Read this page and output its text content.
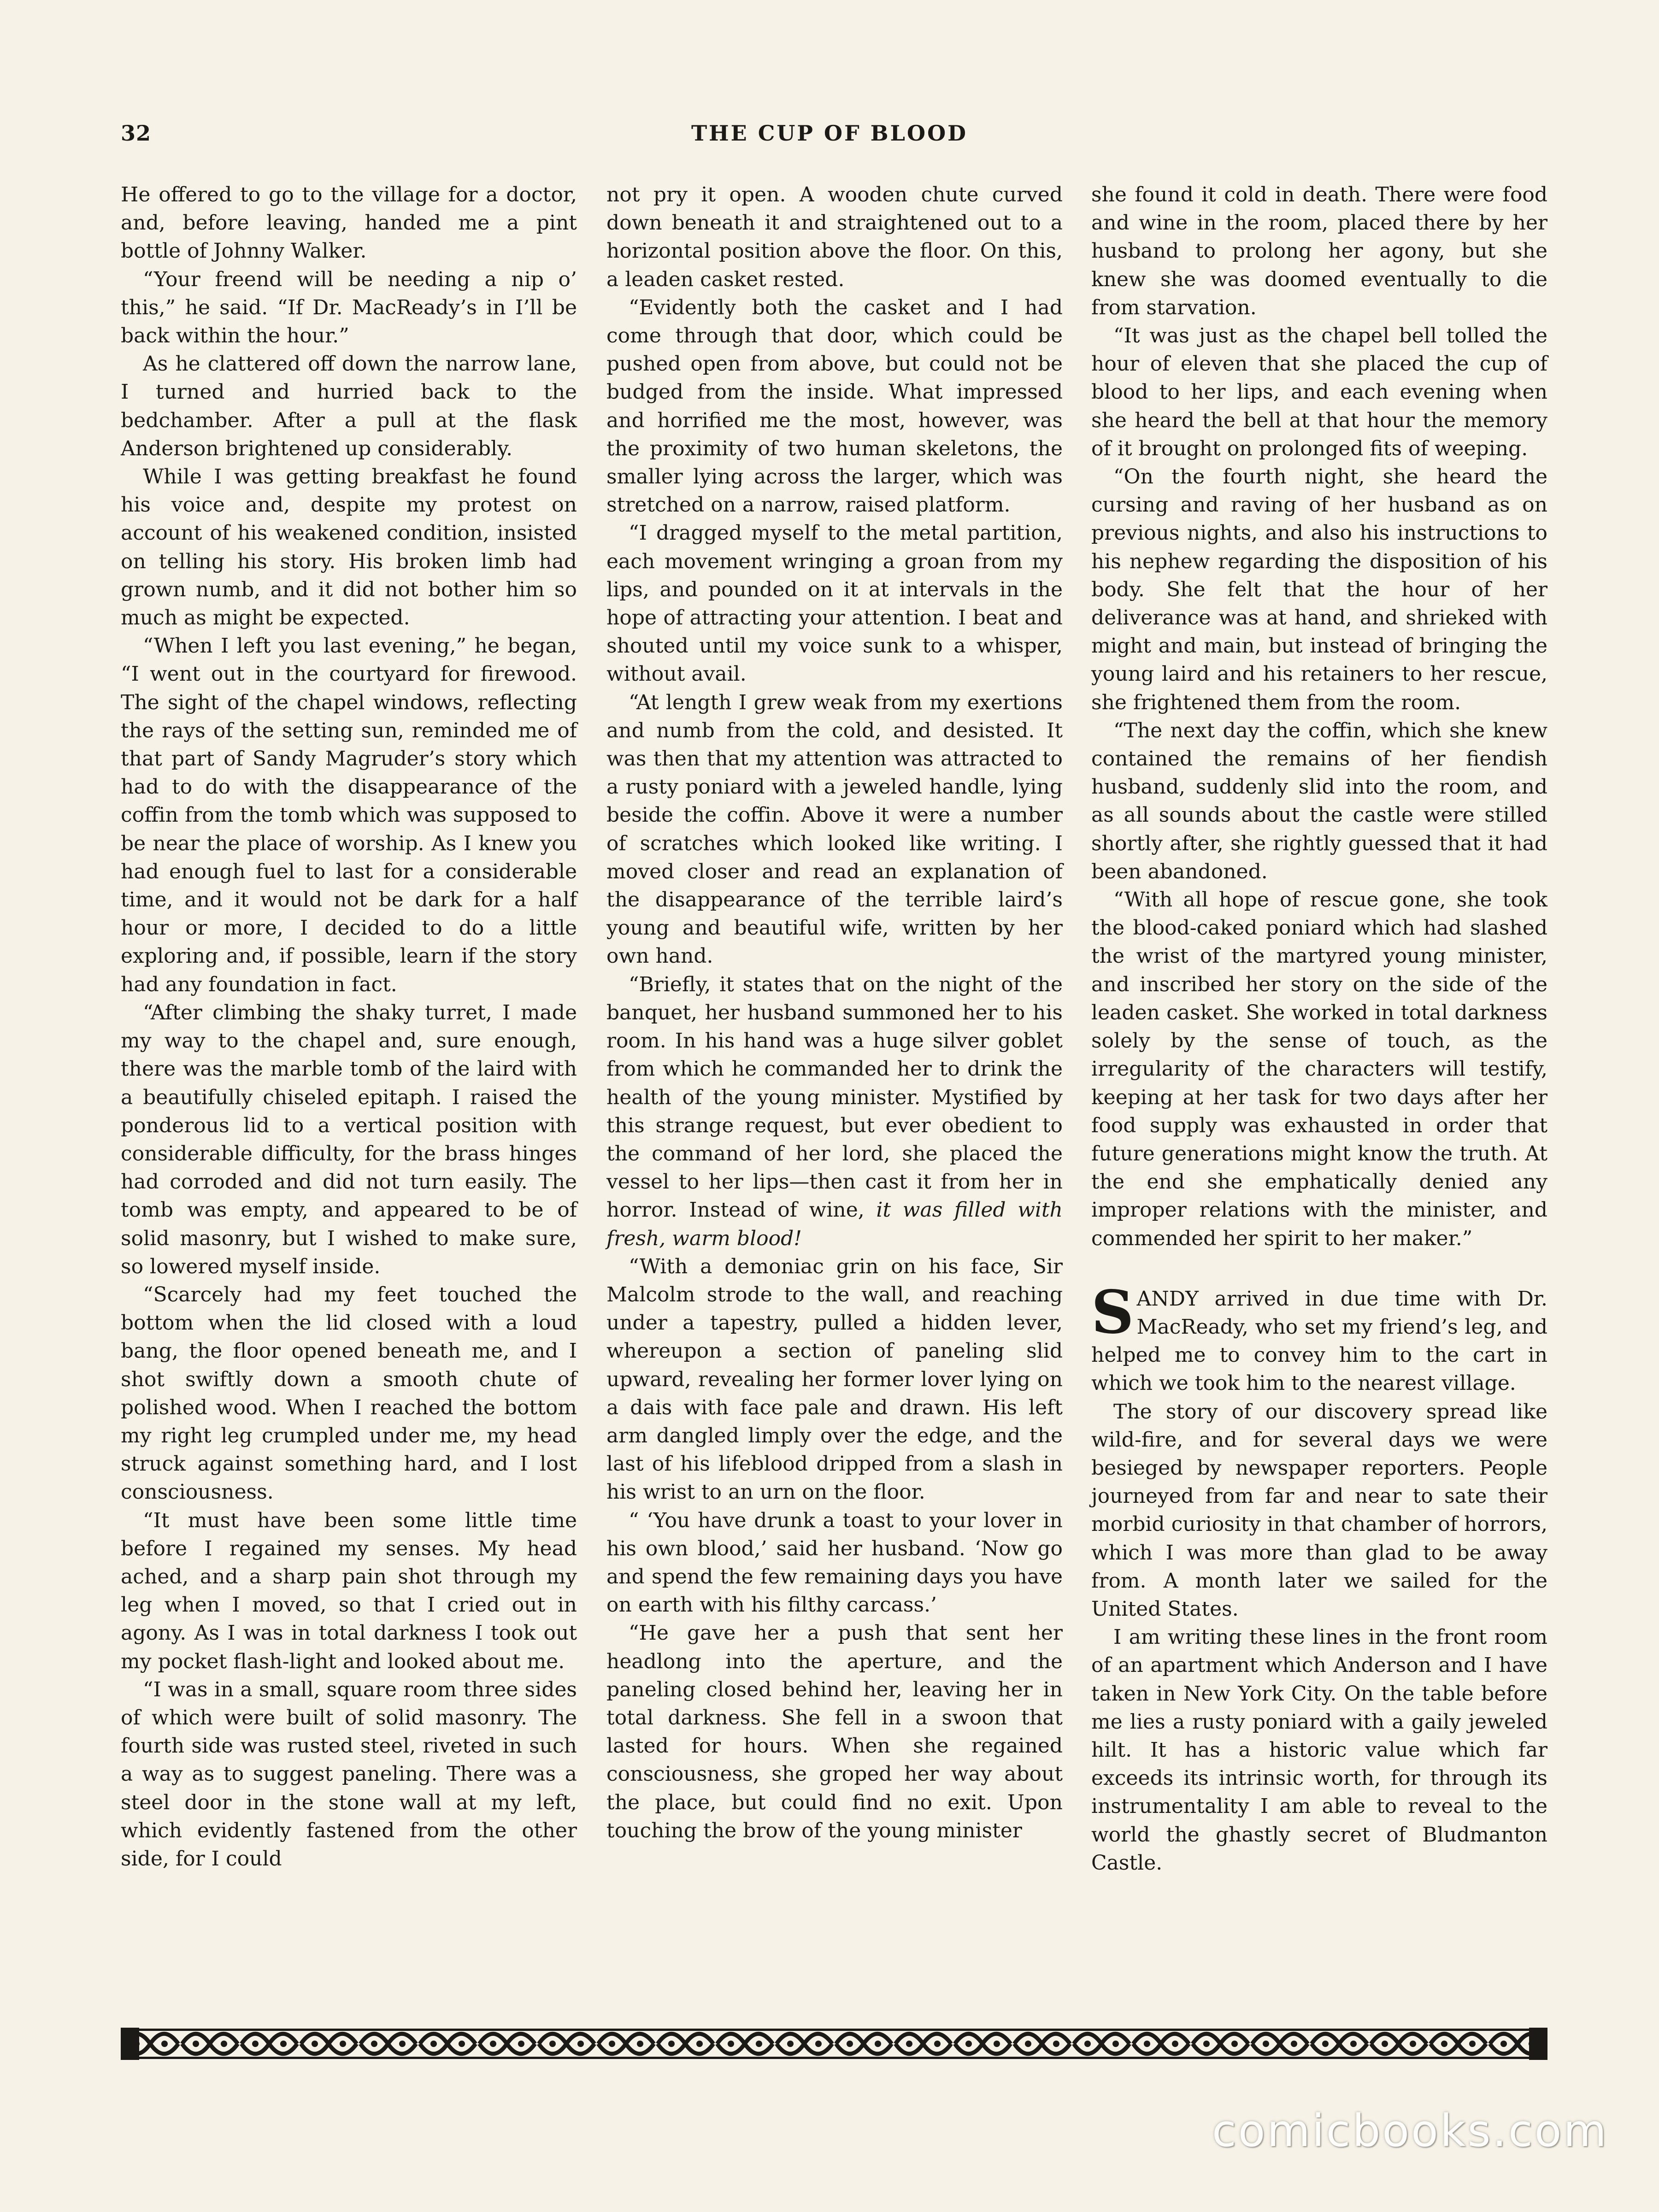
32	THE CUP OF BLOOD

He offered to go to the village for a doctor, and, before leaving, handed me a pint bottle of Johnny Walker.

“Your freend will be needing a nip o’ this,” he said. “If Dr. MacReady’s in I’ll be back within the hour.”

As he clattered off down the narrow lane, I turned and hurried back to the bedchamber. After a pull at the flask Anderson brightened up considerably.

While I was getting breakfast he found his voice and, despite my protest on account of his weakened condition, insisted on telling his story. His broken limb had grown numb, and it did not bother him so much as might be expected.

“When I left you last evening,” he began, “I went out in the courtyard for firewood. The sight of the chapel windows, reflecting the rays of the setting sun, reminded me of that part of Sandy Magruder’s story which had to do with the disappearance of the coffin from the tomb which was supposed to be near the place of worship. As I knew you had enough fuel to last for a considerable time, and it would not be dark for a half hour or more, I decided to do a little exploring and, if possible, learn if the story had any foundation in fact.

“After climbing the shaky turret, I made my way to the chapel and, sure enough, there was the marble tomb of the laird with a beautifully chiseled epitaph. I raised the ponderous lid to a vertical position with considerable difficulty, for the brass hinges had corroded and did not turn easily. The tomb was empty, and appeared to be of solid masonry, but I wished to make sure, so lowered myself inside.

“Scarcely had my feet touched the bottom when the lid closed with a loud bang, the floor opened beneath me, and I shot swiftly down a smooth chute of polished wood. When I reached the bottom my right leg crumpled under me, my head struck against something hard, and I lost consciousness.

“It must have been some little time before I regained my senses. My head ached, and a sharp pain shot through my leg when I moved, so that I cried out in agony. As I was in total darkness I took out my pocket flash-light and looked about me.

“I was in a small, square room three sides of which were built of solid masonry. The fourth side was rusted steel, riveted in such a way as to suggest paneling. There was a steel door in the stone wall at my left, which evidently fastened from the other side, for I could

not pry it open. A wooden chute curved down beneath it and straightened out to a horizontal position above the floor. On this, a leaden casket rested.

“Evidently both the casket and I had come through that door, which could be pushed open from above, but could not be budged from the inside. What impressed and horrified me the most, however, was the proximity of two human skeletons, the smaller lying across the larger, which was stretched on a narrow, raised platform.

“I dragged myself to the metal partition, each movement wringing a groan from my lips, and pounded on it at intervals in the hope of attracting your attention. I beat and shouted until my voice sunk to a whisper, without avail.

“At length I grew weak from my exertions and numb from the cold, and desisted. It was then that my attention was attracted to a rusty poniard with a jeweled handle, lying beside the coffin. Above it were a number of scratches which looked like writing. I moved closer and read an explanation of the disappearance of the terrible laird’s young and beautiful wife, written by her own hand.

“Briefly, it states that on the night of the banquet, her husband summoned her to his room. In his hand was a huge silver goblet from which he commanded her to drink the health of the young minister. Mystified by this strange request, but ever obedient to the command of her lord, she placed the vessel to her lips—then cast it from her in horror. Instead of wine, it was filled with fresh, warm blood!

“With a demoniac grin on his face, Sir Malcolm strode to the wall, and reaching under a tapestry, pulled a hidden lever, whereupon a section of paneling slid upward, revealing her former lover lying on a dais with face pale and drawn. His left arm dangled limply over the edge, and the last of his lifeblood dripped from a slash in his wrist to an urn on the floor.

“ ‘You have drunk a toast to your lover in his own blood,’ said her husband. ‘Now go and spend the few remaining days you have on earth with his filthy carcass.’

“He gave her a push that sent her headlong into the aperture, and the paneling closed behind her, leaving her in total darkness. She fell in a swoon that lasted for hours. When she regained consciousness, she groped her way about the place, but could find no exit. Upon touching the brow of the young minister

she found it cold in death. There were food and wine in the room, placed there by her husband to prolong her agony, but she knew she was doomed eventually to die from starvation.

“It was just as the chapel bell tolled the hour of eleven that she placed the cup of blood to her lips, and each evening when she heard the bell at that hour the memory of it brought on prolonged fits of weeping.

“On the fourth night, she heard the cursing and raving of her husband as on previous nights, and also his instructions to his nephew regarding the disposition of his body. She felt that the hour of her deliverance was at hand, and shrieked with might and main, but instead of bringing the young laird and his retainers to her rescue, she frightened them from the room.

“The next day the coffin, which she knew contained the remains of her fiendish husband, suddenly slid into the room, and as all sounds about the castle were stilled shortly after, she rightly guessed that it had been abandoned.

“With all hope of rescue gone, she took the blood-caked poniard which had slashed the wrist of the martyred young minister, and inscribed her story on the side of the leaden casket. She worked in total darkness solely by the sense of touch, as the irregularity of the characters will testify, keeping at her task for two days after her food supply was exhausted in order that future generations might know the truth. At the end she emphatically denied any improper relations with the minister, and commended her spirit to her maker.”

SANDY arrived in due time with Dr. MacReady, who set my friend’s leg, and helped me to convey him to the cart in which we took him to the nearest village.

The story of our discovery spread like wild-fire, and for several days we were besieged by newspaper reporters. People journeyed from far and near to sate their morbid curiosity in that chamber of horrors, which I was more than glad to be away from. A month later we sailed for the United States.

I am writing these lines in the front room of an apartment which Anderson and I have taken in New York City. On the table before me lies a rusty poniard with a gaily jeweled hilt. It has a historic value which far exceeds its intrinsic worth, for through its instrumentality I am able to reveal to the world the ghastly secret of Bludmanton Castle.

comicbooks.com
